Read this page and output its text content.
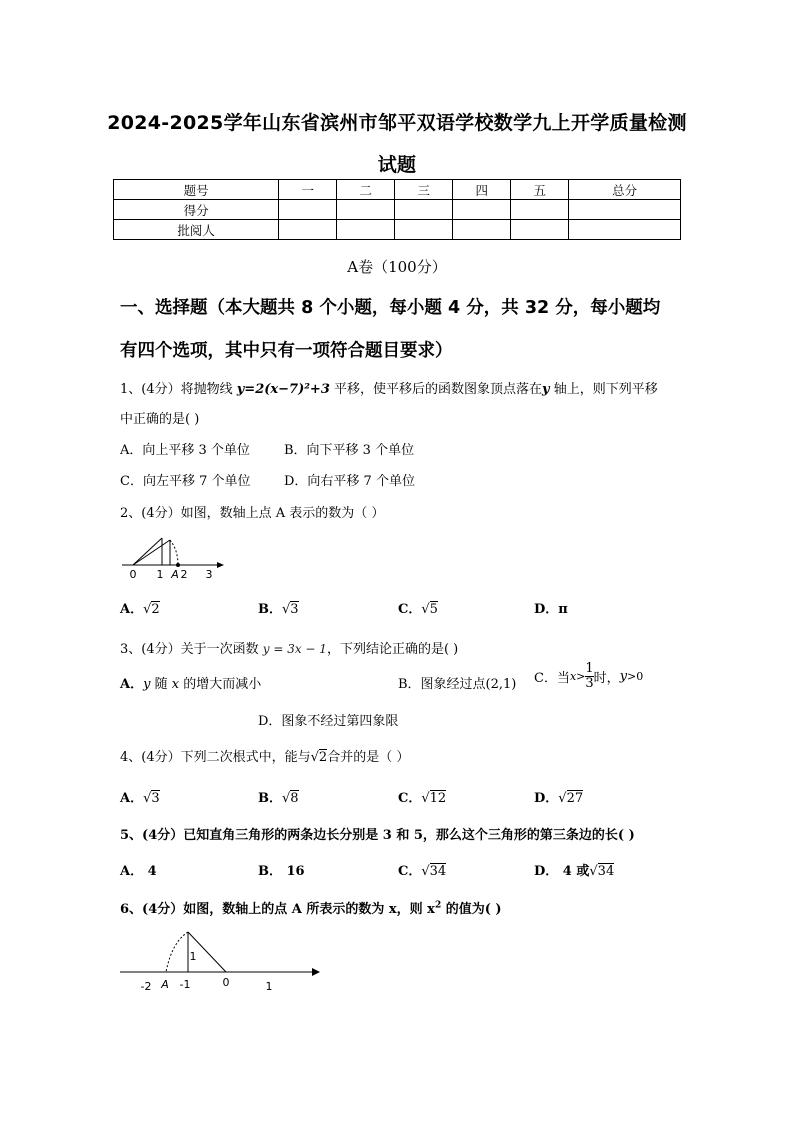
2024-2025学年山东省滨州市邹平双语学校数学九上开学质量检测
试题
题号	一	二	三	四	五	总分
得分						
批阅人						
A卷（100分）
一、选择题（本大题共 8 个小题，每小题 4 分，共 32 分，每小题均
有四个选项，其中只有一项符合题目要求）
1、(4分）将抛物线 y=2(x−7)²+3 平移，使平移后的函数图象顶点落在y 轴上，则下列平移
中正确的是( )
A．向上平移 3 个单位	B．向下平移 3 个单位
C．向左平移 7 个单位	D．向右平移 7 个单位
2、(4分）如图，数轴上点 A 表示的数为（ ）
0 1 A 2 3
A．√2	B．√3	C．√5	D．π
3、(4分）关于一次函数 y = 3x − 1，下列结论正确的是( )
A．y 随 x 的增大而减小	B．图象经过点(2,1) C．当$x> \frac{1}{3}$ 时，y>0
D．图象不经过第四象限
4、(4分）下列二次根式中，能与√2合并的是（ ）
A．√3	B．√8	C．√12	D．√27
5、(4分）已知直角三角形的两条边长分别是 3 和 5，那么这个三角形的第三条边的长( )
A． 4	B． 16	C．√34	D． 4 或√34
6、(4分）如图，数轴上的点 A 所表示的数为 x，则 $x^2$ 的值为( )
-2 A -1	0	1
1
